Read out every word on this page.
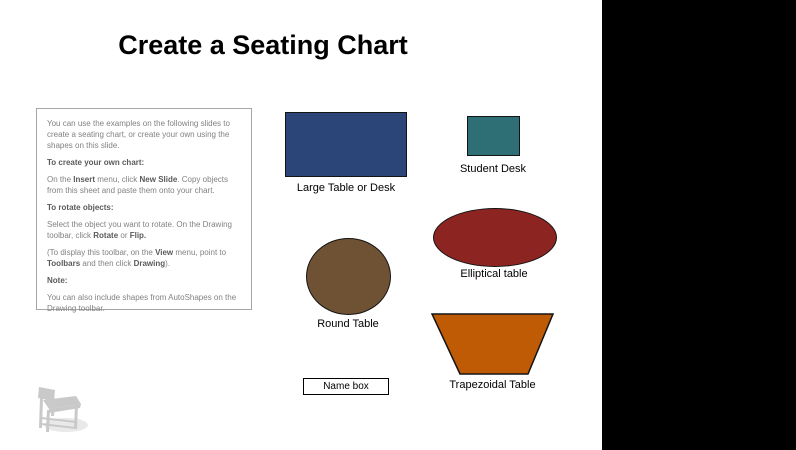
Create a Seating Chart

You can use the examples on the following slides to create a seating chart, or create your own using the shapes on this slide.

To create your own chart:

On the Insert menu, click New Slide. Copy objects from this sheet and paste them onto your chart.

To rotate objects:

Select the object you want to rotate. On the Drawing toolbar, click Rotate or Flip.

(To display this toolbar, on the View menu, point to Toolbars and then click Drawing).

Note:

You can also include shapes from AutoShapes on the Drawing toolbar.

Large Table or Desk
Student Desk
Elliptical table
Round Table
Trapezoidal Table
Name box
